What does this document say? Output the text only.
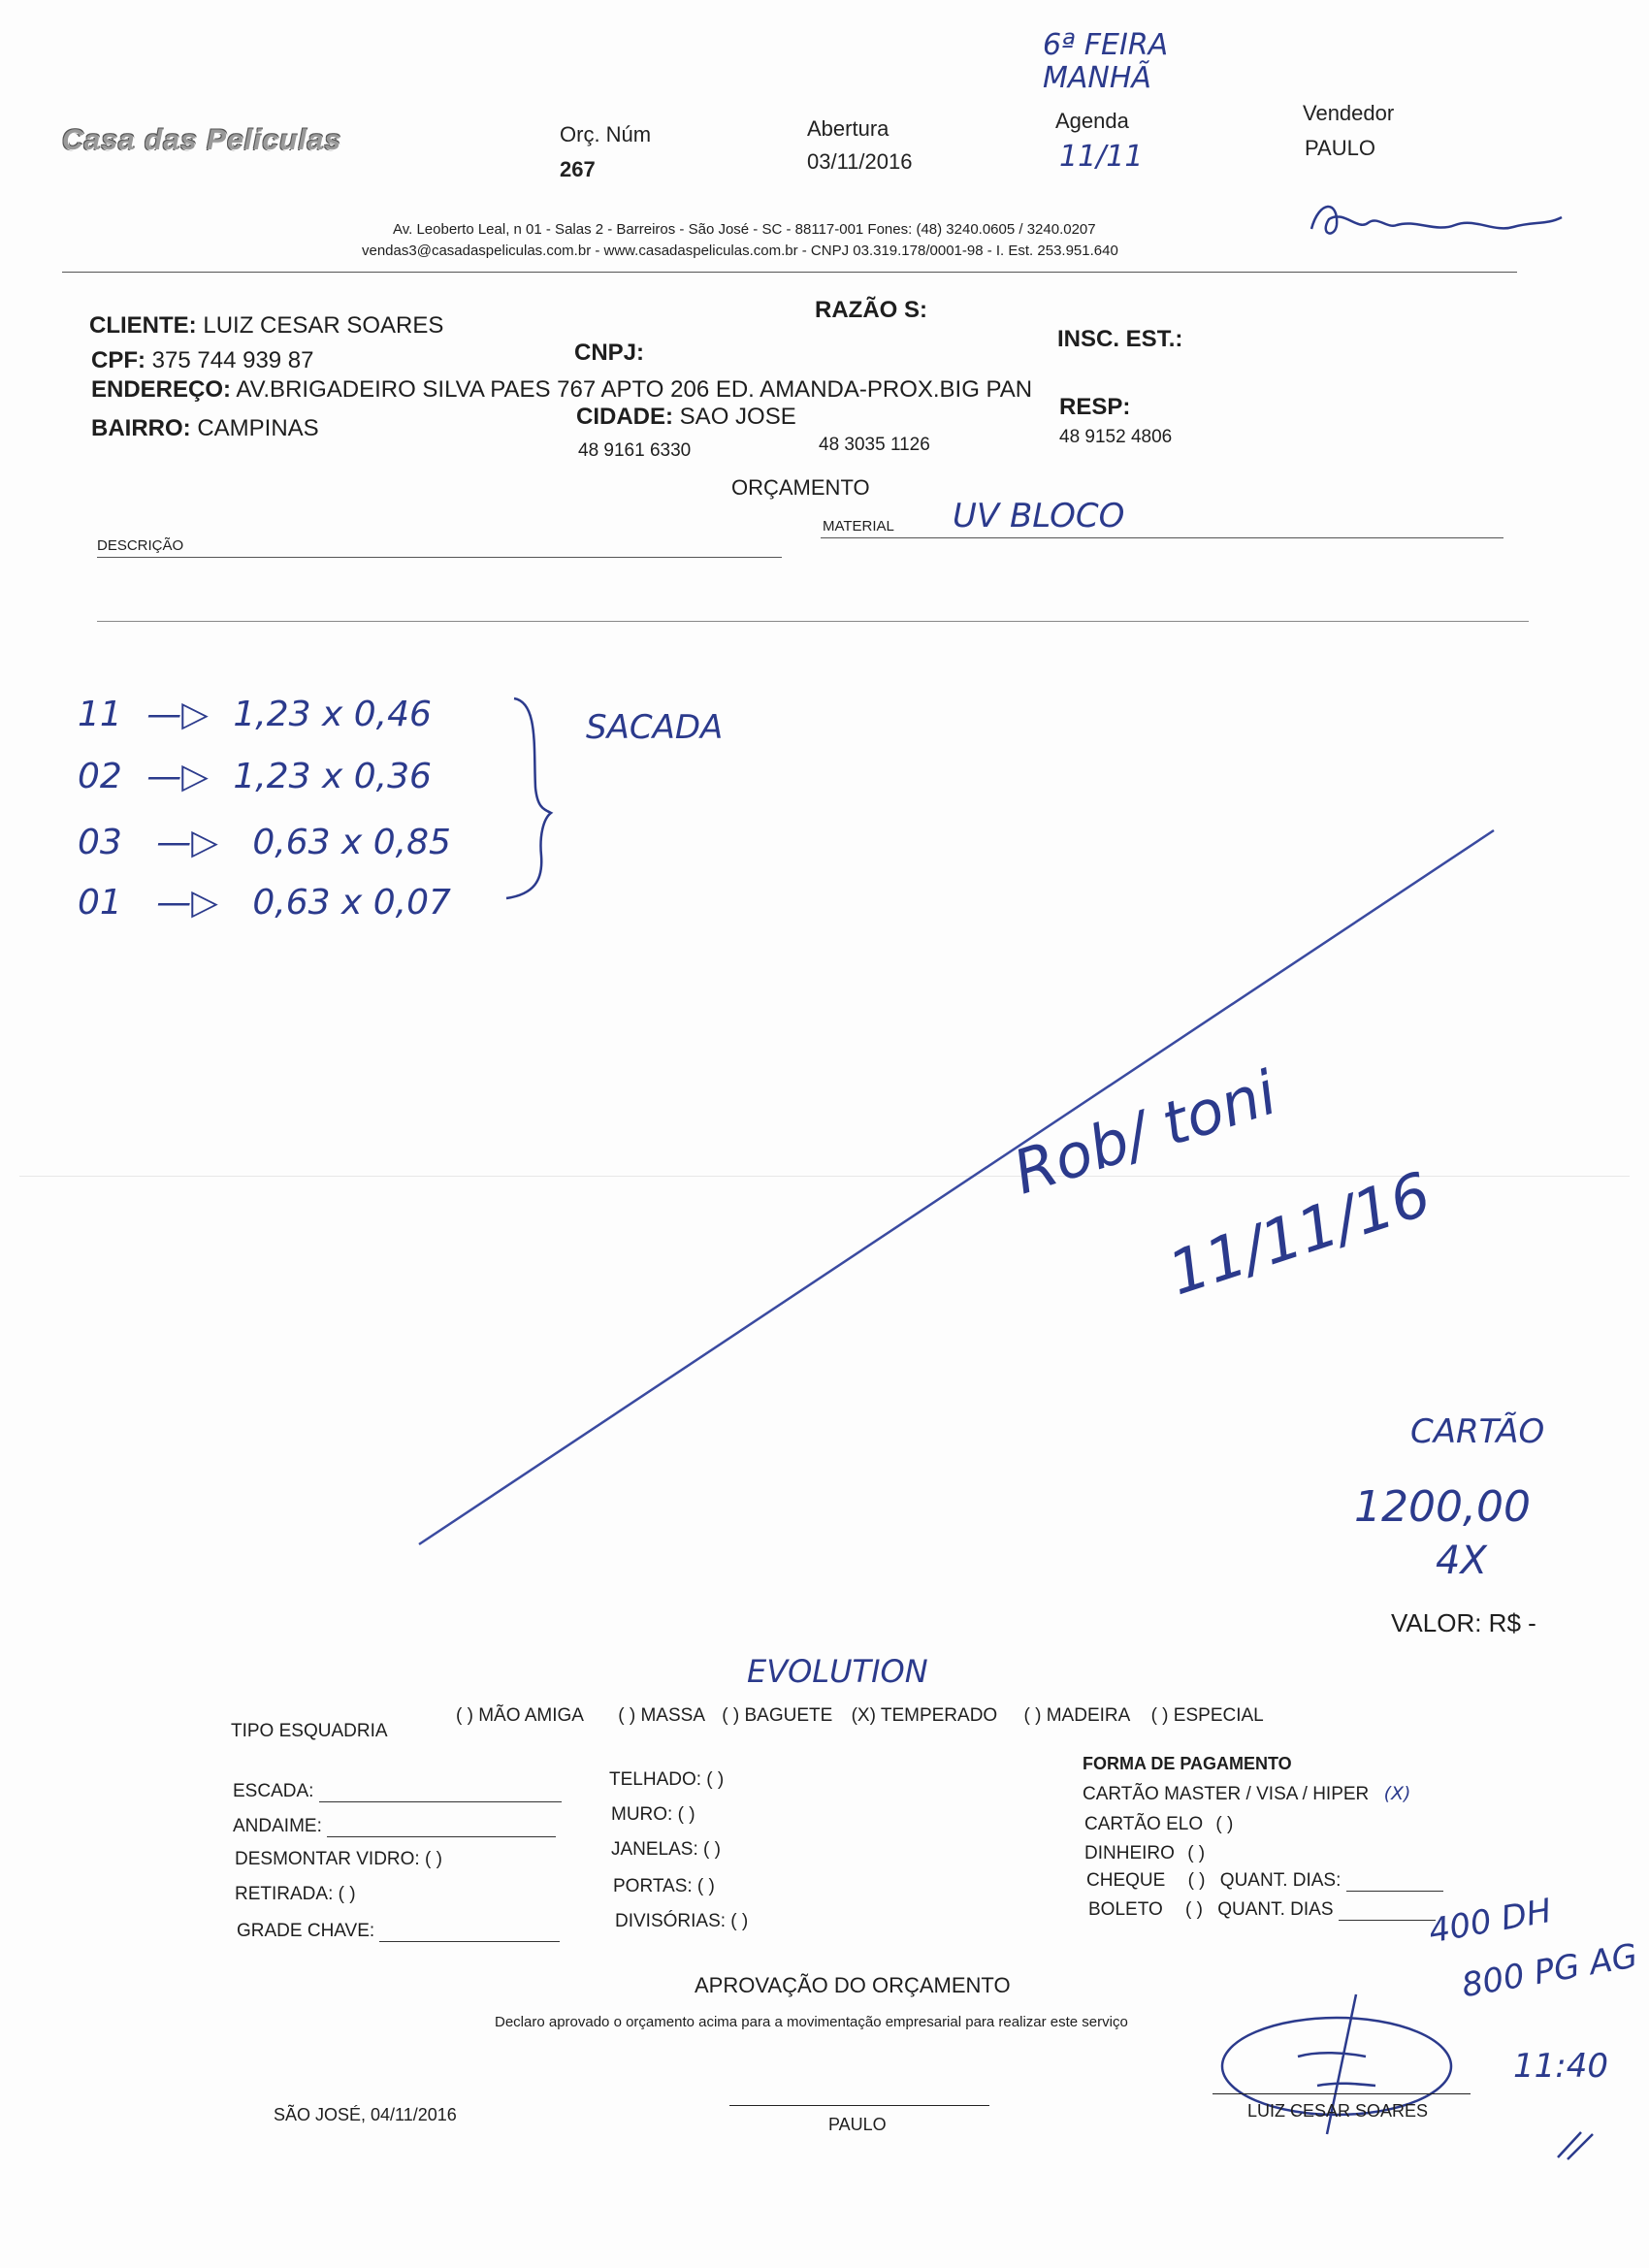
Casa das Peliculas	Orç. Núm
267
Abertura
03/11/2016
6ª FEIRA MANHÃ
Agenda
11/11
Vendedor
PAULO
Av. Leoberto Leal, n 01 - Salas 2 - Barreiros - São José - SC - 88117-001 Fones: (48) 3240.0605 / 3240.0207
vendas3@casadaspeliculas.com.br - www.casadaspeliculas.com.br - CNPJ 03.319.178/0001-98 - I. Est. 253.951.640
CLIENTE: LUIZ CESAR SOARES
RAZÃO S:
CPF: 375 744 939 87	CNPJ:
INSC. EST.:
ENDEREÇO: AV.BRIGADEIRO SILVA PAES 767 APTO 206 ED. AMANDA-PROX.BIG PAN
BAIRRO: CAMPINAS	CIDADE: SAO JOSE	RESP:
48 9161 6330	48 3035 1126	48 9152 4806
ORÇAMENTO
DESCRIÇÃO
MATERIAL UV BLOCO
11 —▷ 1,23 x 0,46
02 —▷ 1,23 x 0,36
03 —▷ 0,63 x 0,85
01 —▷ 0,63 x 0,07
SACADA
Rob/ toni
11/11/16
CARTÃO
1200,00
4X
VALOR: R$ -
EVOLUTION
TIPO ESQUADRIA
( ) MÃO AMIGA ( ) MASSA ( ) BAGUETE (X) TEMPERADO ( ) MADEIRA ( ) ESPECIAL
ESCADA:
ANDAIME:
DESMONTAR VIDRO: ( )
RETIRADA: ( )
GRADE CHAVE:
TELHADO: ( )
MURO: ( )
JANELAS: ( )
PORTAS: ( )
DIVISÓRIAS: ( )
FORMA DE PAGAMENTO
CARTÃO MASTER / VISA / HIPER (X)
CARTÃO ELO ( )
DINHEIRO ( )
CHEQUE ( ) QUANT. DIAS:
BOLETO ( ) QUANT. DIAS	400 DH
800 PG AG
11:40
APROVAÇÃO DO ORÇAMENTO
Declaro aprovado o orçamento acima para a movimentação empresarial para realizar este serviço
SÃO JOSÉ, 04/11/2016	PAULO
LUIZ CESAR SOARES
